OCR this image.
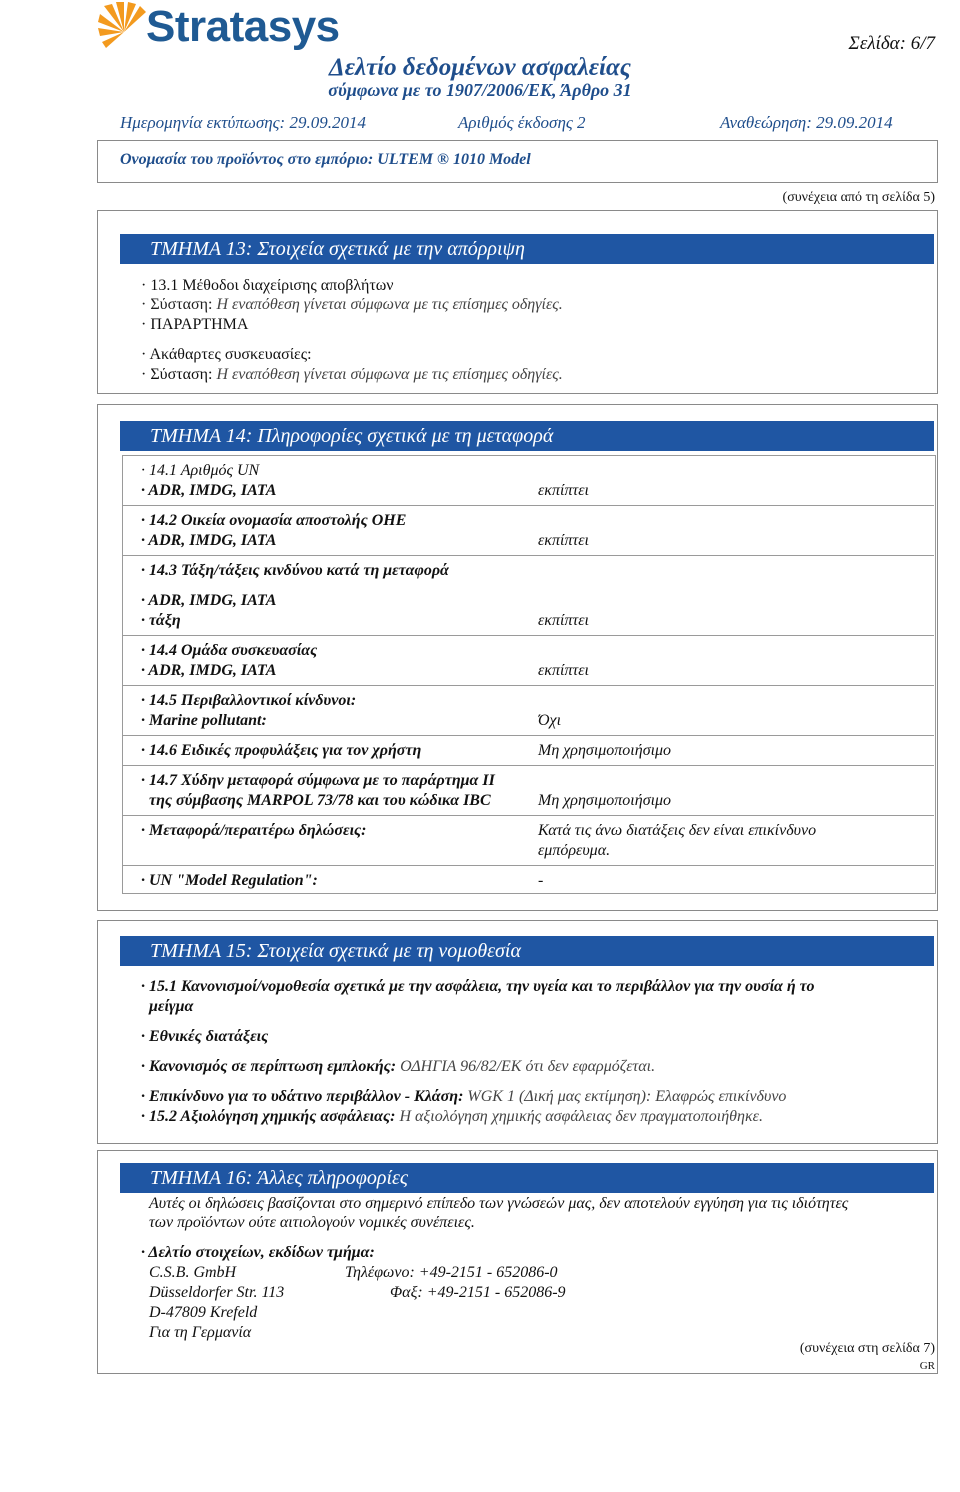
Stratasys	Σελίδα: 6/7
Δελτίο δεδομένων ασφαλείας
σύμφωνα με το 1907/2006/ΕΚ, Άρθρο 31
Ημερομηνία εκτύπωσης: 29.09.2014	Αριθμός έκδοσης 2	Αναθεώρηση: 29.09.2014
Ονομασία του προϊόντος στο εμπόριο: ULTEM ® 1010 Model
(συνέχεια από τη σελίδα 5)
ΤΜΗΜΑ 13: Στοιχεία σχετικά με την απόρριψη
· 13.1 Μέθοδοι διαχείρισης αποβλήτων
· Σύσταση: Η εναπόθεση γίνεται σύμφωνα με τις επίσημες οδηγίες.
· ΠΑΡΑΡΤΗΜΑ
· Ακάθαρτες συσκευασίες:
· Σύσταση: Η εναπόθεση γίνεται σύμφωνα με τις επίσημες οδηγίες.
ΤΜΗΜΑ 14: Πληροφορίες σχετικά με τη μεταφορά
· 14.1 Αριθμός UN
· ADR, IMDG, IATA	εκπίπτει
· 14.2 Οικεία ονομασία αποστολής ΟΗΕ
· ADR, IMDG, IATA	εκπίπτει
· 14.3 Τάξη/τάξεις κινδύνου κατά τη μεταφορά
· ADR, IMDG, IATA
· τάξη	εκπίπτει
· 14.4 Ομάδα συσκευασίας
· ADR, IMDG, IATA	εκπίπτει
· 14.5 Περιβαλλοντικοί κίνδυνοι:
· Marine pollutant:	Όχι
· 14.6 Ειδικές προφυλάξεις για τον χρήστη	Μη χρησιμοποιήσιμο
· 14.7 Χύδην μεταφορά σύμφωνα με το παράρτημα II
της σύμβασης MARPOL 73/78 και του κώδικα IBC	Μη χρησιμοποιήσιμο
· Μεταφορά/περαιτέρω δηλώσεις:	Κατά τις άνω διατάξεις δεν είναι επικίνδυνο
εμπόρευμα.
· UN "Model Regulation":	-
ΤΜΗΜΑ 15: Στοιχεία σχετικά με τη νομοθεσία
· 15.1 Κανονισμοί/νομοθεσία σχετικά με την ασφάλεια, την υγεία και το περιβάλλον για την ουσία ή το
μείγμα
· Εθνικές διατάξεις
· Κανονισμός σε περίπτωση εμπλοκής: ΟΔΗΓΙΑ 96/82/ΕΚ ότι δεν εφαρμόζεται.
· Επικίνδυνο για το υδάτινο περιβάλλον - Κλάση: WGK 1 (Δική μας εκτίμηση): Ελαφρώς επικίνδυνο
· 15.2 Αξιολόγηση χημικής ασφάλειας: Η αξιολόγηση χημικής ασφάλειας δεν πραγματοποιήθηκε.
ΤΜΗΜΑ 16: Άλλες πληροφορίες
Αυτές οι δηλώσεις βασίζονται στο σημερινό επίπεδο των γνώσεών μας, δεν αποτελούν εγγύηση για τις ιδιότητες
των προϊόντων ούτε αιτιολογούν νομικές συνέπειες.
· Δελτίο στοιχείων, εκδίδων τμήμα:
C.S.B. GmbH
Düsseldorfer Str. 113
D-47809 Krefeld
Για τη Γερμανία
Τηλέφωνο: +49-2151 - 652086-0
Φαξ: +49-2151 - 652086-9
(συνέχεια στη σελίδα 7)
GR
